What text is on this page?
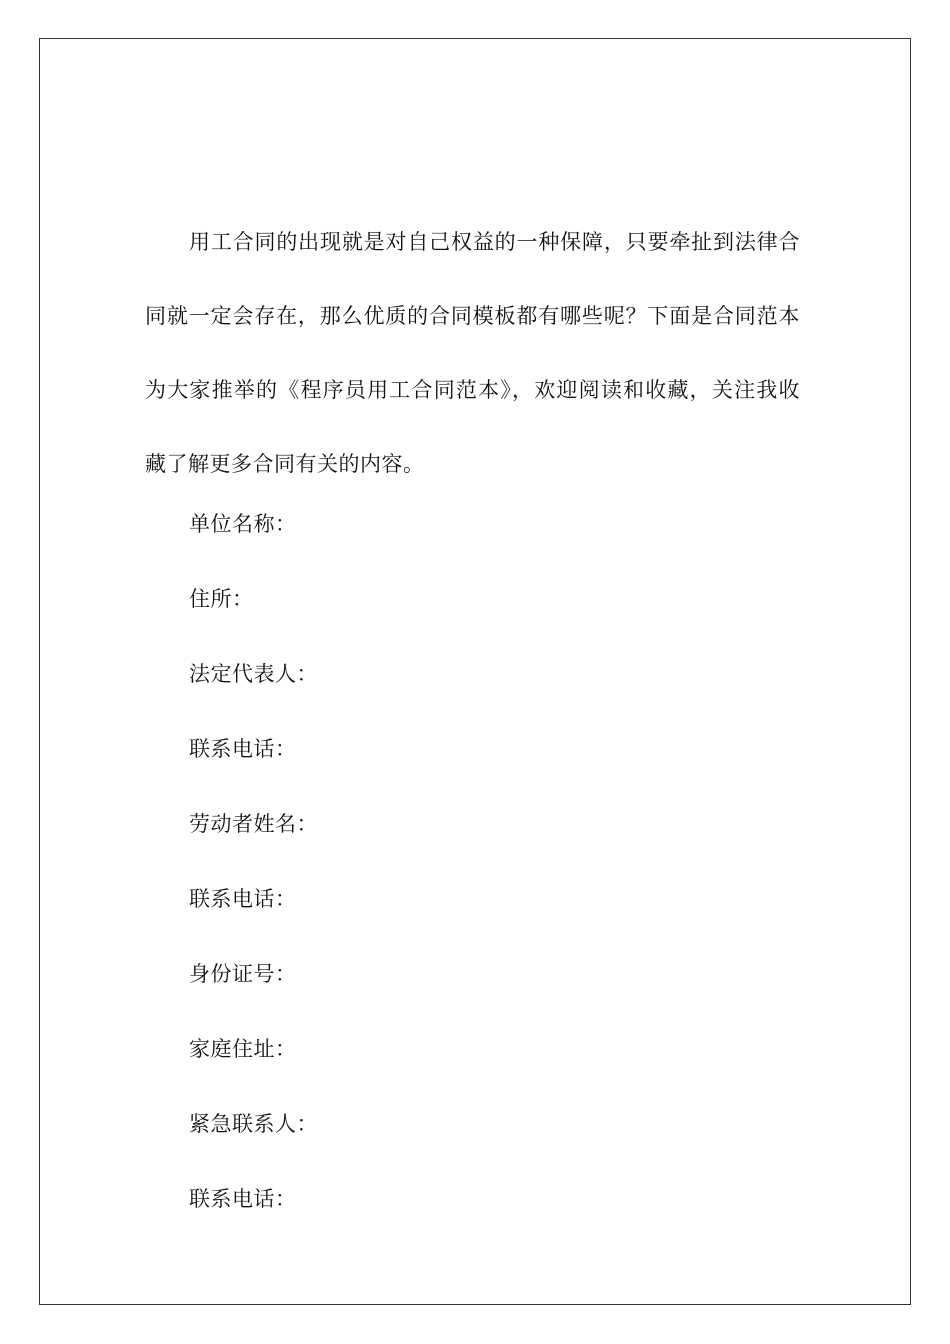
用工合同的出现就是对自己权益的一种保障，只要牵扯到法律合同就一定会存在，那么优质的合同模板都有哪些呢？下面是合同范本为大家推举的《程序员用工合同范本》，欢迎阅读和收藏，关注我收藏了解更多合同有关的内容。

单位名称：
住所：
法定代表人：
联系电话：
劳动者姓名：
联系电话：
身份证号：
家庭住址：
紧急联系人：
联系电话：
